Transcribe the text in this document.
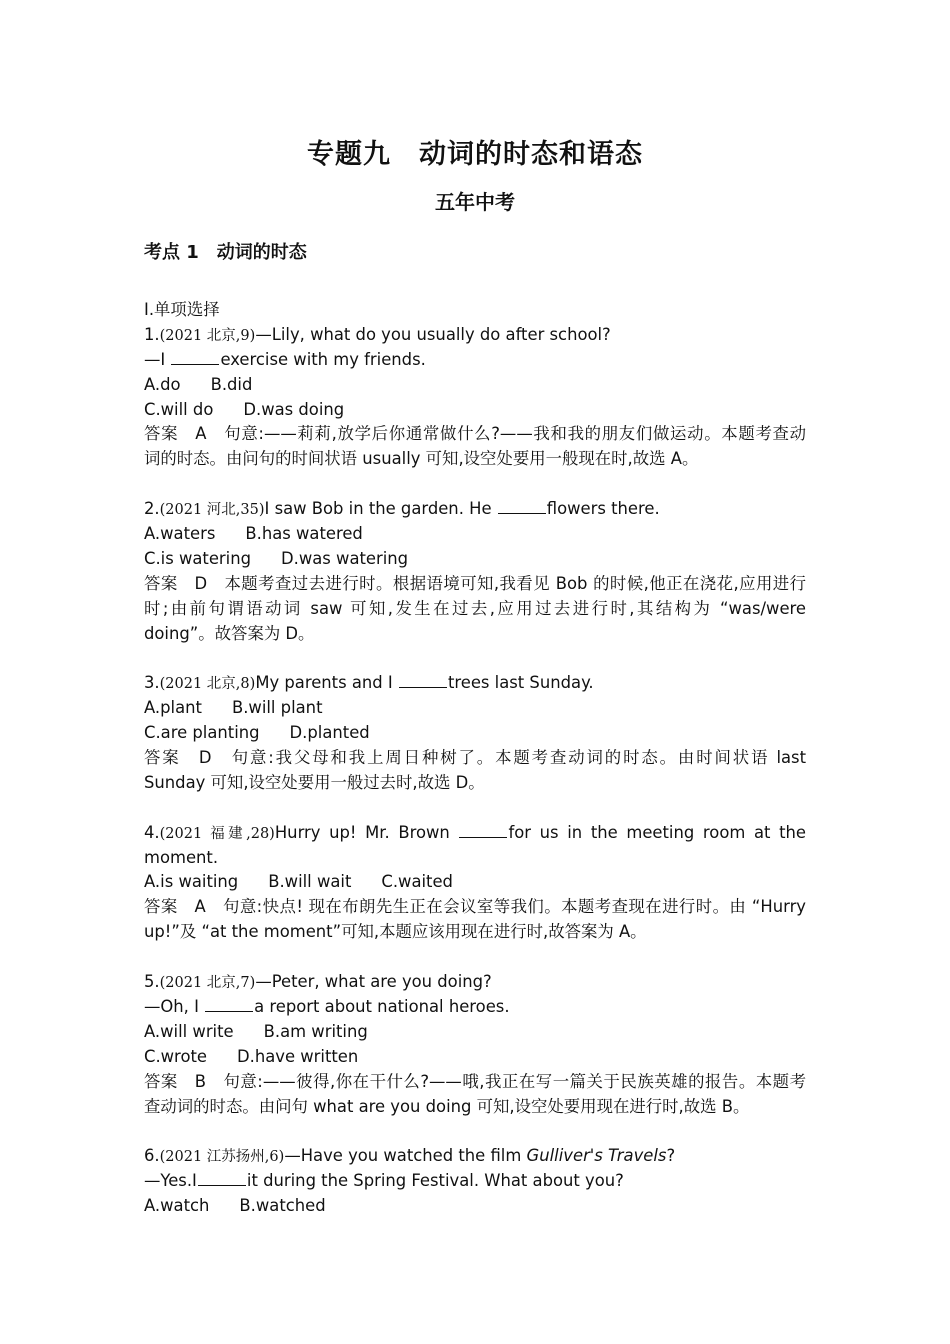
专题九　动词的时态和语态
五年中考
考点 1　动词的时态
Ⅰ.单项选择
1.(2021 北京,9)—Lily, what do you usually do after school?
—I	exercise with my friends.
A.do B.did
C.will do D.was doing
答案　 A　 句意:——莉莉,放学后你通常做什么?——我和我的朋友们做运动。本题考查动
词的时态。由问句的时间状语 usually 可知,设空处要用一般现在时,故选 A。
2.(2021 河北,35)I saw Bob in the garden. He	flowers there.
A.waters B.has watered
C.is watering D.was watering
答案　 D　 本题考查过去进行时。根据语境可知,我看见 Bob 的时候,他正在浇花,应用进行
时;由前句谓语动词 saw 可知,发生在过去,应用过去进行时,其结构为 “was/were
doing”。故答案为 D。
3.(2021 北京,8)My parents and I	trees last Sunday.
A.plant B.will plant
C.are planting D.planted
答案　 D　 句意:我父母和我上周日种树了。本题考查动词的时态。由时间状语 last
Sunday 可知,设空处要用一般过去时,故选 D。
4.(2021 福建,28)Hurry up! Mr. Brown	for us in the meeting room at the
moment.
A.is waiting B.will wait C.waited
答案　 A　 句意:快点! 现在布朗先生正在会议室等我们。本题考查现在进行时。由 “Hurry
up!”及 “at the moment”可知,本题应该用现在进行时,故答案为 A。
5.(2021 北京,7)—Peter, what are you doing?
—Oh, I	a report about national heroes.
A.will write B.am writing
C.wrote D.have written
答案　 B　 句意:——彼得,你在干什么?——哦,我正在写一篇关于民族英雄的报告。本题考
查动词的时态。由问句 what are you doing 可知,设空处要用现在进行时,故选 B。
6.(2021 江苏扬州,6)—Have you watched the film Gulliver's Travels?
—Yes.I	it during the Spring Festival. What about you?
A.watch B.watched
